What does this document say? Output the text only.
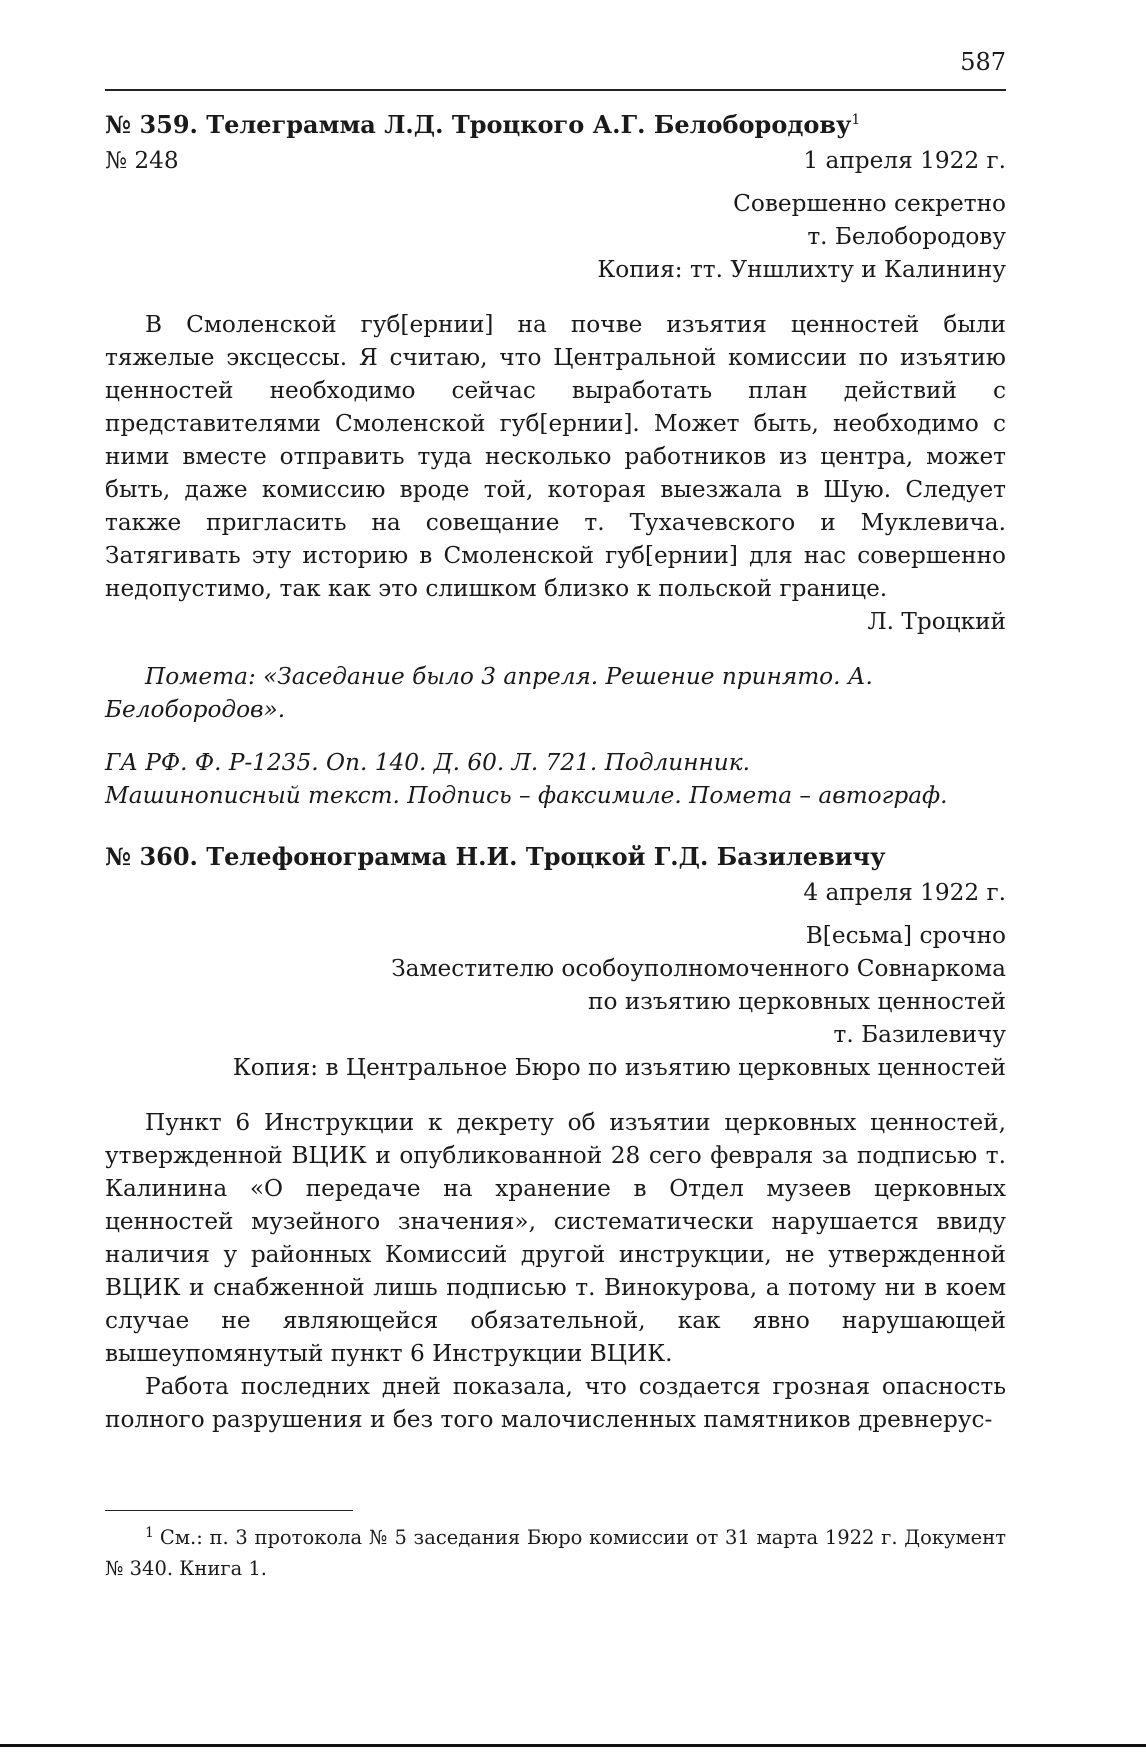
587
№ 359. Телеграмма Л.Д. Троцкого А.Г. Белобородову$^1$
№ 248	1 апреля 1922 г.
Совершенно секретно
т. Белобородову
Копия: тт. Уншлихту и Калинину

В Смоленской губ[ернии] на почве изъятия ценностей были тяжелые эксцессы. Я считаю, что Центральной комиссии по изъятию ценностей необходимо сейчас выработать план действий с представителями Смоленской губ[ернии]. Может быть, необходимо с ними вместе отправить туда несколько работников из центра, может быть, даже комиссию вроде той, которая выезжала в Шую. Следует также пригласить на совещание т. Тухачевского и Муклевича. Затягивать эту историю в Смоленской губ[ернии] для нас совершенно недопустимо, так как это слишком близко к польской границе.

Л. Троцкий
Помета: «Заседание было 3 апреля. Решение принято. А. Белобородов».
ГА РФ. Ф. Р-1235. Оп. 140. Д. 60. Л. 721. Подлинник.
Машинописный текст. Подпись – факсимиле. Помета – автограф.
№ 360. Телефонограмма Н.И. Троцкой Г.Д. Базилевичу
4 апреля 1922 г.
В[есьма] срочно
Заместителю особоуполномоченного Совнаркома
по изъятию церковных ценностей
т. Базилевичу
Копия: в Центральное Бюро по изъятию церковных ценностей

Пункт 6 Инструкции к декрету об изъятии церковных ценностей, утвержденной ВЦИК и опубликованной 28 сего февраля за подписью т. Калинина «О передаче на хранение в Отдел музеев церковных ценностей музейного значения», систематически нарушается ввиду наличия у районных Комиссий другой инструкции, не утвержденной ВЦИК и снабженной лишь подписью т. Винокурова, а потому ни в коем случае не являющейся обязательной, как явно нарушающей вышеупомянутый пункт 6 Инструкции ВЦИК.

Работа последних дней показала, что создается грозная опасность полного разрушения и без того малочисленных памятников древнерус-

$^1$ См.: п. 3 протокола № 5 заседания Бюро комиссии от 31 марта 1922 г. Документ № 340. Книга 1.
